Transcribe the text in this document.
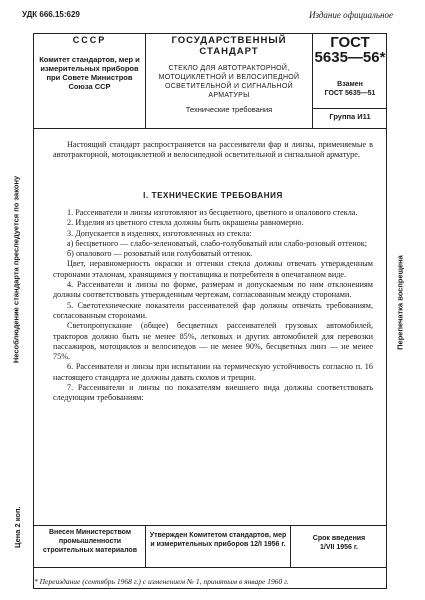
УДК 666.15:629	Издание официальное
СССР
Комитет стандартов, мер и измерительных приборов при Совете Министров Союза ССР
ГОСУДАРСТВЕННЫЙ
СТАНДАРТ
СТЕКЛО ДЛЯ АВТОТРАКТОРНОЙ, МОТОЦИКЛЕТНОЙ И ВЕЛОСИПЕДНОЙ ОСВЕТИТЕЛЬНОЙ И СИГНАЛЬНОЙ АРМАТУРЫ
Технические требования
ГОСТ
5635—56*
Взамен
ГОСТ 5635—51
Группа И11

Настоящий стандарт распространяется на рассеиватели фар и линзы, применяемые в автотракторной, мотоциклетной и велосипедной осветительной и сигнальной арматуре.

I. ТЕХНИЧЕСКИЕ ТРЕБОВАНИЯ

1. Рассеиватели и линзы изготовляют из бесцветного, цветного и опалового стекла.

2. Изделия из цветного стекла должны быть окрашены равномерно.

3. Допускается в изделиях, изготовленных из стекла:

а) бесцветного — слабо-зеленоватый, слабо-голубоватый или слабо-розовый оттенок;

б) опалового — розоватый или голубоватый оттенок.

Цвет, неравномерность окраски и оттенки стекла должны отвечать утвержденным сторонами эталонам, хранящимся у поставщика и потребителя в опечатанном виде.

4. Рассеиватели и линзы по форме, размерам и допускаемым по ним отклонениям должны соответствовать утвержденным чертежам, согласованным между сторонами.

5. Светотехнические показатели рассеивателей фар должны отвечать требованиям, согласованным сторонами.

Светопропускание (общее) бесцветных рассеивателей грузовых автомобилей, тракторов должно быть не менее 85%, легковых и других автомобилей для перевозки пассажиров, мотоциклов и велосипедов — не менее 90%, бесцветных линз — не менее 75%.

6. Рассеиватели и линзы при испытании на термическую устойчивость согласно п. 16 настоящего стандарта не должны давать сколов и трещин.

7. Рассеиватели и линзы по показателям внешнего вида должны соответствовать следующим требованиям:

Несоблюдение стандарта преследуется по закону
Цена 2 коп.
Перепечатка воспрещена
Внесен Министерством промышленности строительных материалов
Утвержден Комитетом стандартов, мер и измерительных приборов 12/I 1956 г.
Срок введения
1/VII 1956 г.
* Переиздание (сентябрь 1968 г.) с изменением № 1, принятым в январе 1960 г.
